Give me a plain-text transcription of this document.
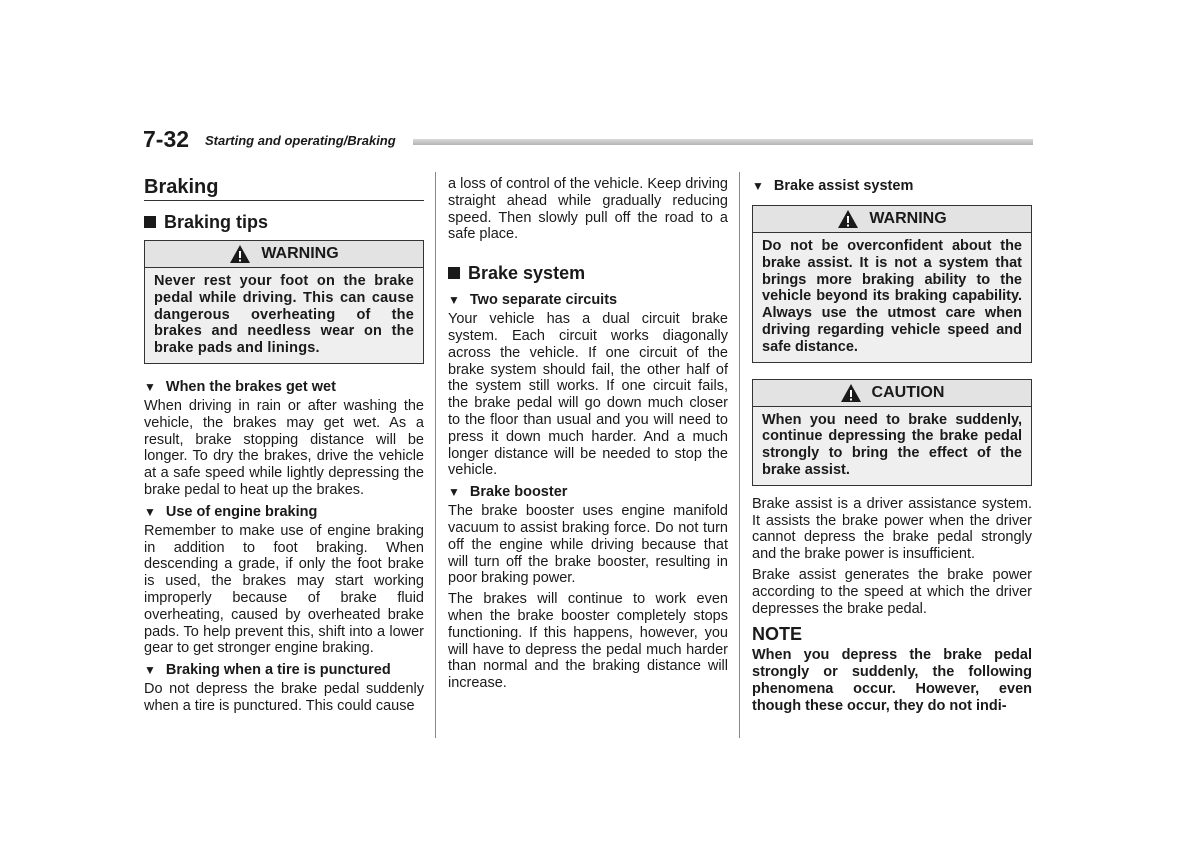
7-32 Starting and operating/Braking
Braking
Braking tips
WARNING

Never rest your foot on the brake pedal while driving. This can cause dangerous overheating of the brakes and needless wear on the brake pads and linings.

▼ When the brakes get wet

When driving in rain or after washing the vehicle, the brakes may get wet. As a result, brake stopping distance will be longer. To dry the brakes, drive the vehicle at a safe speed while lightly depressing the brake pedal to heat up the brakes.

▼ Use of engine braking

Remember to make use of engine braking in addition to foot braking. When descending a grade, if only the foot brake is used, the brakes may start working improperly because of brake fluid overheating, caused by overheated brake pads. To help prevent this, shift into a lower gear to get stronger engine braking.

▼ Braking when a tire is punctured

Do not depress the brake pedal suddenly when a tire is punctured. This could cause

a loss of control of the vehicle. Keep driving straight ahead while gradually reducing speed. Then slowly pull off the road to a safe place.

Brake system
▼ Two separate circuits

Your vehicle has a dual circuit brake system. Each circuit works diagonally across the vehicle. If one circuit of the brake system should fail, the other half of the system still works. If one circuit fails, the brake pedal will go down much closer to the floor than usual and you will need to press it down much harder. And a much longer distance will be needed to stop the vehicle.

▼ Brake booster

The brake booster uses engine manifold vacuum to assist braking force. Do not turn off the engine while driving because that will turn off the brake booster, resulting in poor braking power.

The brakes will continue to work even when the brake booster completely stops functioning. If this happens, however, you will have to depress the pedal much harder than normal and the braking distance will increase.

▼ Brake assist system
WARNING

Do not be overconfident about the brake assist. It is not a system that brings more braking ability to the vehicle beyond its braking capability. Always use the utmost care when driving regarding vehicle speed and safe distance.

CAUTION

When you need to brake suddenly, continue depressing the brake pedal strongly to bring the effect of the brake assist.

Brake assist is a driver assistance system. It assists the brake power when the driver cannot depress the brake pedal strongly and the brake power is insufficient.

Brake assist generates the brake power according to the speed at which the driver depresses the brake pedal.

NOTE

When you depress the brake pedal strongly or suddenly, the following phenomena occur. However, even though these occur, they do not indi-
